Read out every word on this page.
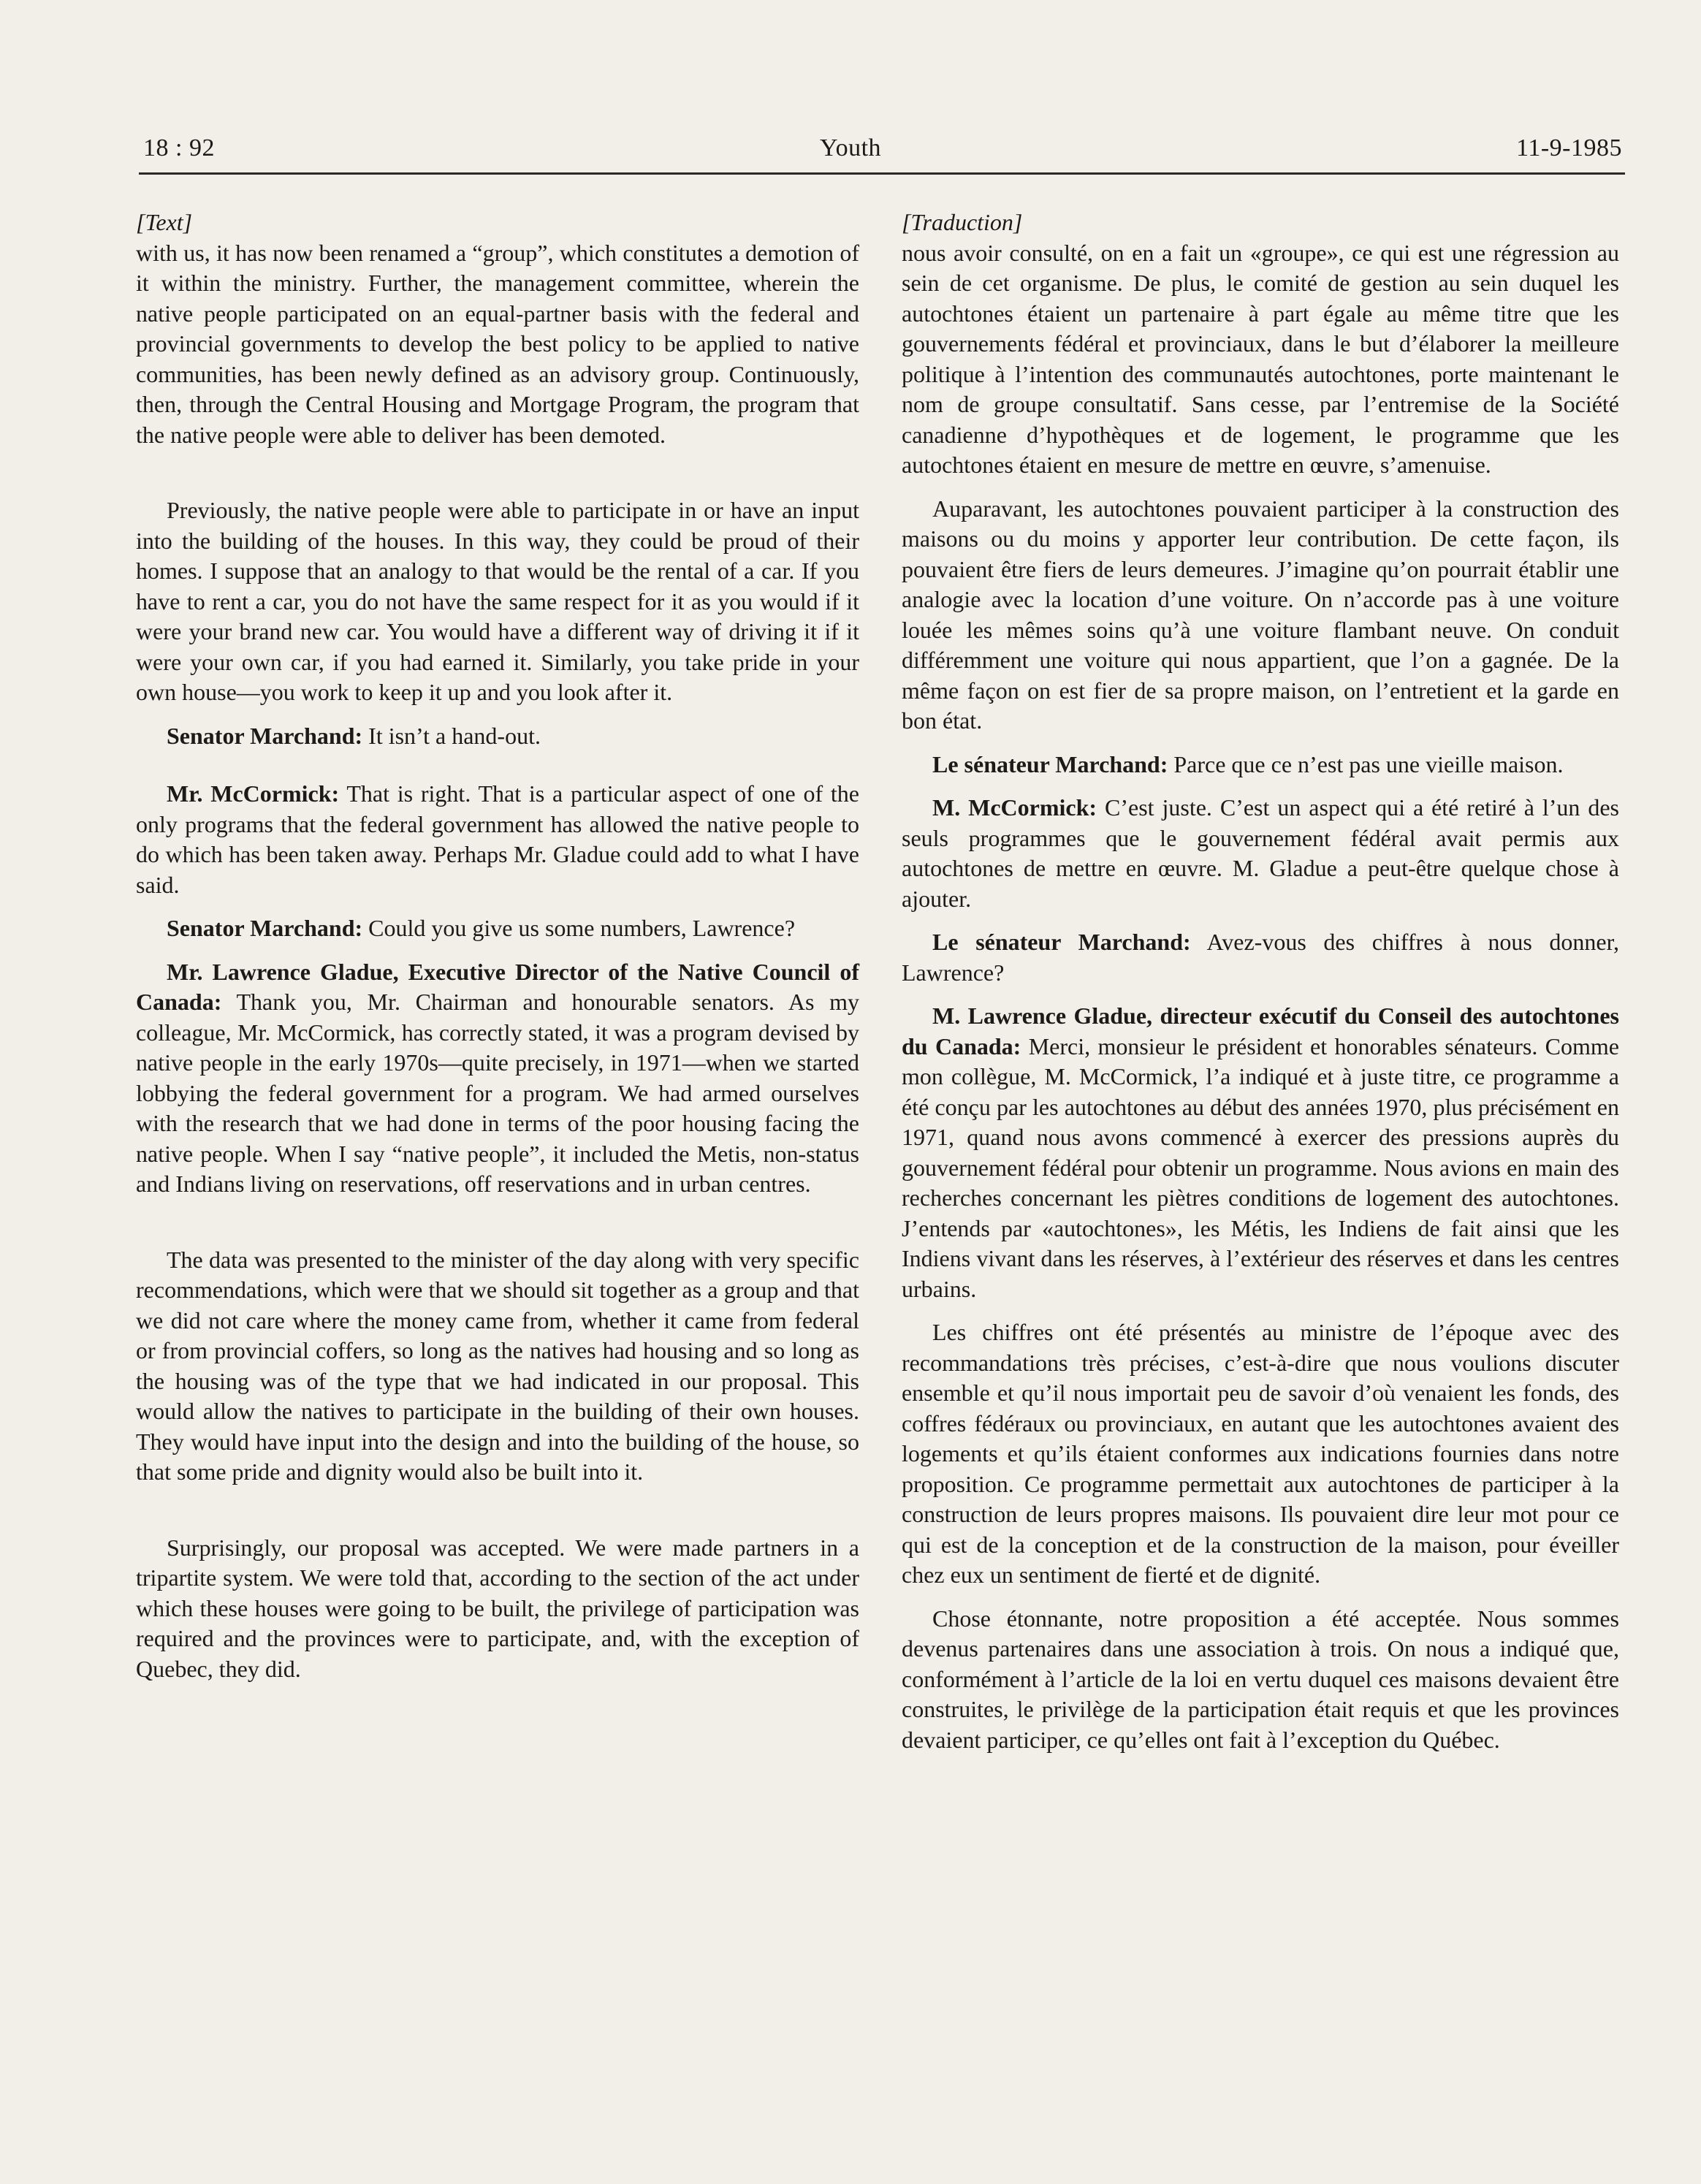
18 : 92	Youth	11-9-1985

[Text]

with us, it has now been renamed a “group”, which constitutes a demotion of it within the ministry. Further, the management committee, wherein the native people participated on an equal-partner basis with the federal and provincial governments to develop the best policy to be applied to native communities, has been newly defined as an advisory group. Continuously, then, through the Central Housing and Mortgage Program, the program that the native people were able to deliver has been demoted.

Previously, the native people were able to participate in or have an input into the building of the houses. In this way, they could be proud of their homes. I suppose that an analogy to that would be the rental of a car. If you have to rent a car, you do not have the same respect for it as you would if it were your brand new car. You would have a different way of driving it if it were your own car, if you had earned it. Similarly, you take pride in your own house—you work to keep it up and you look after it.

Senator Marchand: It isn’t a hand-out.

Mr. McCormick: That is right. That is a particular aspect of one of the only programs that the federal government has allowed the native people to do which has been taken away. Perhaps Mr. Gladue could add to what I have said.

Senator Marchand: Could you give us some numbers, Lawrence?

Mr. Lawrence Gladue, Executive Director of the Native Council of Canada: Thank you, Mr. Chairman and honourable senators. As my colleague, Mr. McCormick, has correctly stated, it was a program devised by native people in the early 1970s—quite precisely, in 1971—when we started lobbying the federal government for a program. We had armed ourselves with the research that we had done in terms of the poor housing facing the native people. When I say “native people”, it included the Metis, non-status and Indians living on reservations, off reservations and in urban centres.

The data was presented to the minister of the day along with very specific recommendations, which were that we should sit together as a group and that we did not care where the money came from, whether it came from federal or from provincial coffers, so long as the natives had housing and so long as the housing was of the type that we had indicated in our proposal. This would allow the natives to participate in the building of their own houses. They would have input into the design and into the building of the house, so that some pride and dignity would also be built into it.

Surprisingly, our proposal was accepted. We were made partners in a tripartite system. We were told that, according to the section of the act under which these houses were going to be built, the privilege of participation was required and the provinces were to participate, and, with the exception of Quebec, they did.

[Traduction]

nous avoir consulté, on en a fait un «groupe», ce qui est une régression au sein de cet organisme. De plus, le comité de gestion au sein duquel les autochtones étaient un partenaire à part égale au même titre que les gouvernements fédéral et provinciaux, dans le but d’élaborer la meilleure politique à l’intention des communautés autochtones, porte maintenant le nom de groupe consultatif. Sans cesse, par l’entremise de la Société canadienne d’hypothèques et de logement, le programme que les autochtones étaient en mesure de mettre en œuvre, s’amenuise.

Auparavant, les autochtones pouvaient participer à la construction des maisons ou du moins y apporter leur contribution. De cette façon, ils pouvaient être fiers de leurs demeures. J’imagine qu’on pourrait établir une analogie avec la location d’une voiture. On n’accorde pas à une voiture louée les mêmes soins qu’à une voiture flambant neuve. On conduit différemment une voiture qui nous appartient, que l’on a gagnée. De la même façon on est fier de sa propre maison, on l’entretient et la garde en bon état.

Le sénateur Marchand: Parce que ce n’est pas une vieille maison.

M. McCormick: C’est juste. C’est un aspect qui a été retiré à l’un des seuls programmes que le gouvernement fédéral avait permis aux autochtones de mettre en œuvre. M. Gladue a peut-être quelque chose à ajouter.

Le sénateur Marchand: Avez-vous des chiffres à nous donner, Lawrence?

M. Lawrence Gladue, directeur exécutif du Conseil des autochtones du Canada: Merci, monsieur le président et honorables sénateurs. Comme mon collègue, M. McCormick, l’a indiqué et à juste titre, ce programme a été conçu par les autochtones au début des années 1970, plus précisément en 1971, quand nous avons commencé à exercer des pressions auprès du gouvernement fédéral pour obtenir un programme. Nous avions en main des recherches concernant les piètres conditions de logement des autochtones. J’entends par «autochtones», les Métis, les Indiens de fait ainsi que les Indiens vivant dans les réserves, à l’extérieur des réserves et dans les centres urbains.

Les chiffres ont été présentés au ministre de l’époque avec des recommandations très précises, c’est-à-dire que nous voulions discuter ensemble et qu’il nous importait peu de savoir d’où venaient les fonds, des coffres fédéraux ou provinciaux, en autant que les autochtones avaient des logements et qu’ils étaient conformes aux indications fournies dans notre proposition. Ce programme permettait aux autochtones de participer à la construction de leurs propres maisons. Ils pouvaient dire leur mot pour ce qui est de la conception et de la construction de la maison, pour éveiller chez eux un sentiment de fierté et de dignité.

Chose étonnante, notre proposition a été acceptée. Nous sommes devenus partenaires dans une association à trois. On nous a indiqué que, conformément à l’article de la loi en vertu duquel ces maisons devaient être construites, le privilège de la participation était requis et que les provinces devaient participer, ce qu’elles ont fait à l’exception du Québec.
